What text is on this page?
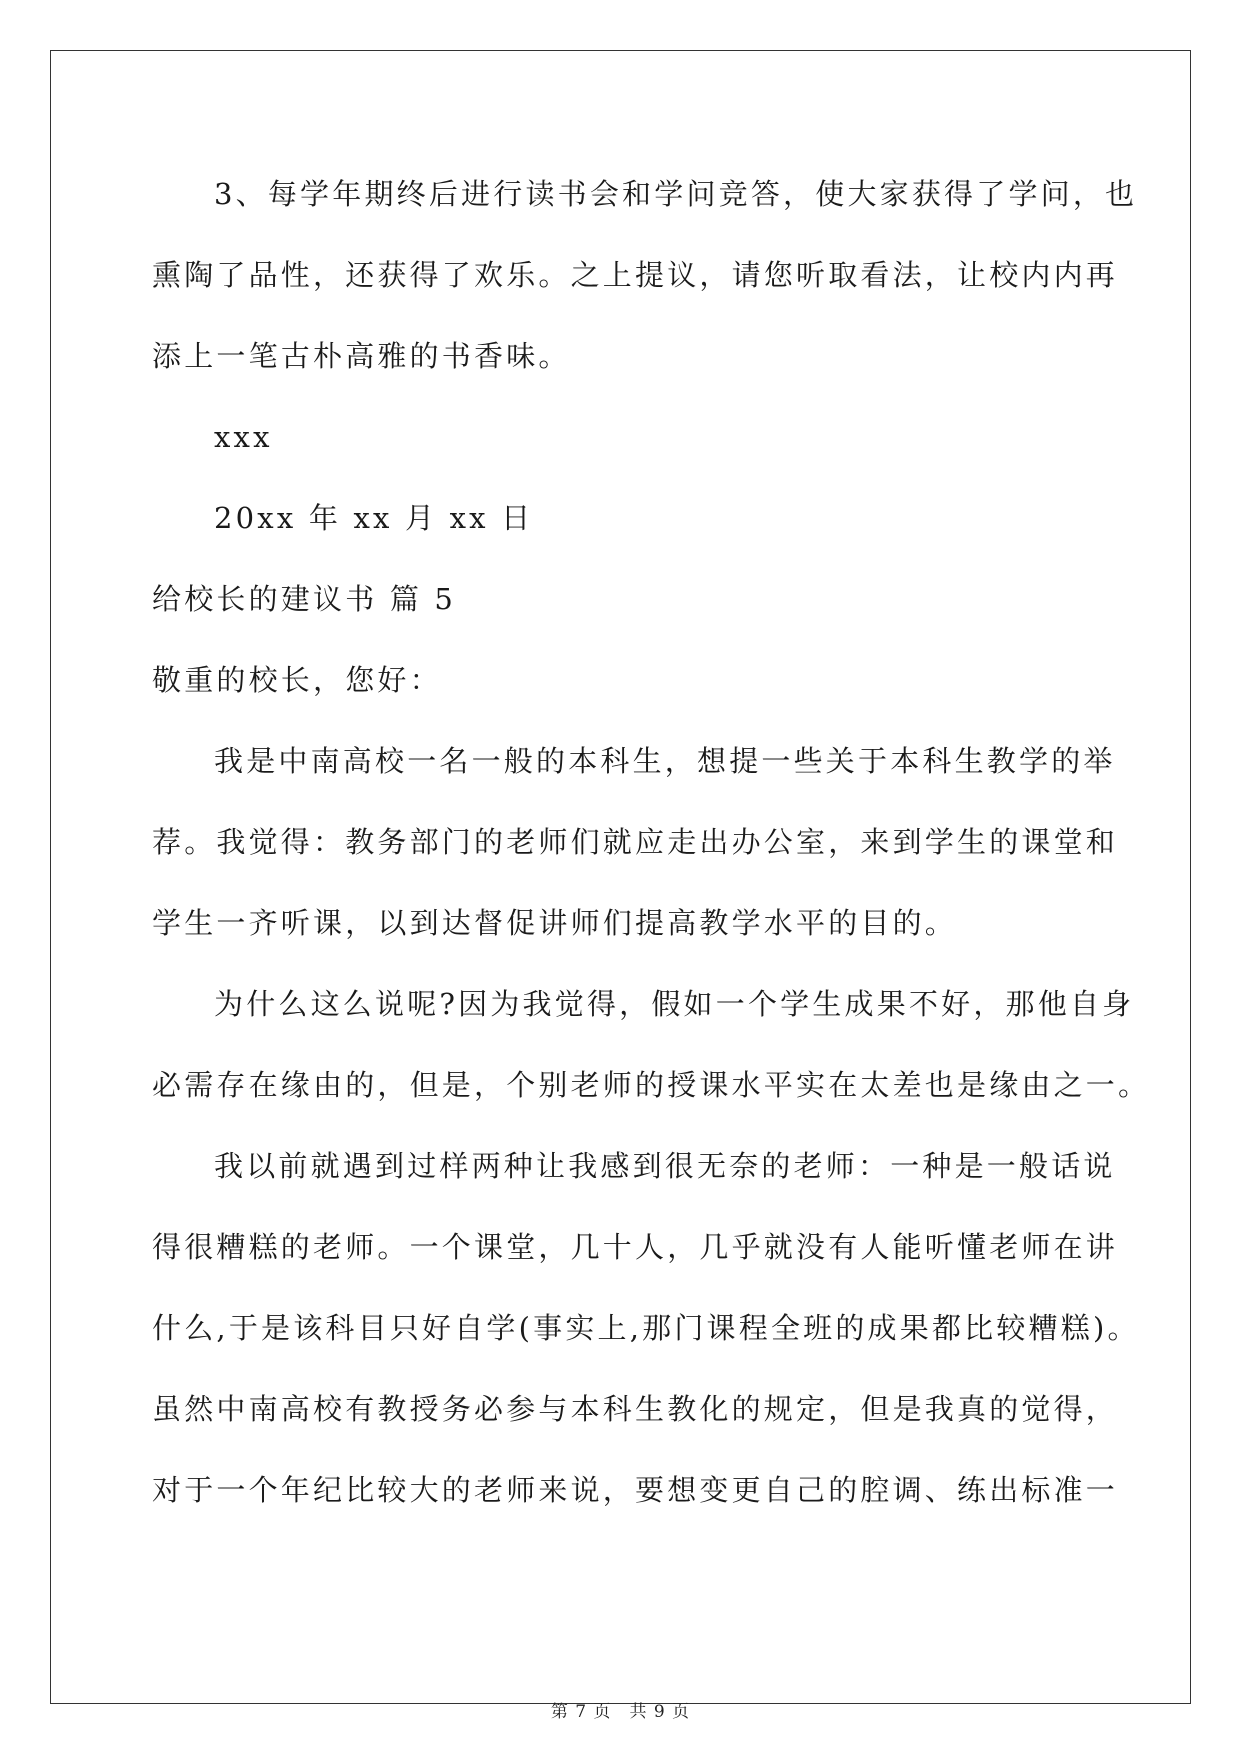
3、每学年期终后进行读书会和学问竞答，使大家获得了学问，也
熏陶了品性，还获得了欢乐。之上提议，请您听取看法，让校内内再
添上一笔古朴高雅的书香味。
xxx
20xx 年 xx 月 xx 日
给校长的建议书 篇 5
敬重的校长，您好：
我是中南高校一名一般的本科生，想提一些关于本科生教学的举
荐。我觉得：教务部门的老师们就应走出办公室，来到学生的课堂和
学生一齐听课，以到达督促讲师们提高教学水平的目的。
为什么这么说呢?因为我觉得，假如一个学生成果不好，那他自身
必需存在缘由的，但是，个别老师的授课水平实在太差也是缘由之一。
我以前就遇到过样两种让我感到很无奈的老师：一种是一般话说
得很糟糕的老师。一个课堂，几十人，几乎就没有人能听懂老师在讲
什么,于是该科目只好自学(事实上,那门课程全班的成果都比较糟糕)。
虽然中南高校有教授务必参与本科生教化的规定，但是我真的觉得，
对于一个年纪比较大的老师来说，要想变更自己的腔调、练出标准一
第 7 页 共 9 页
